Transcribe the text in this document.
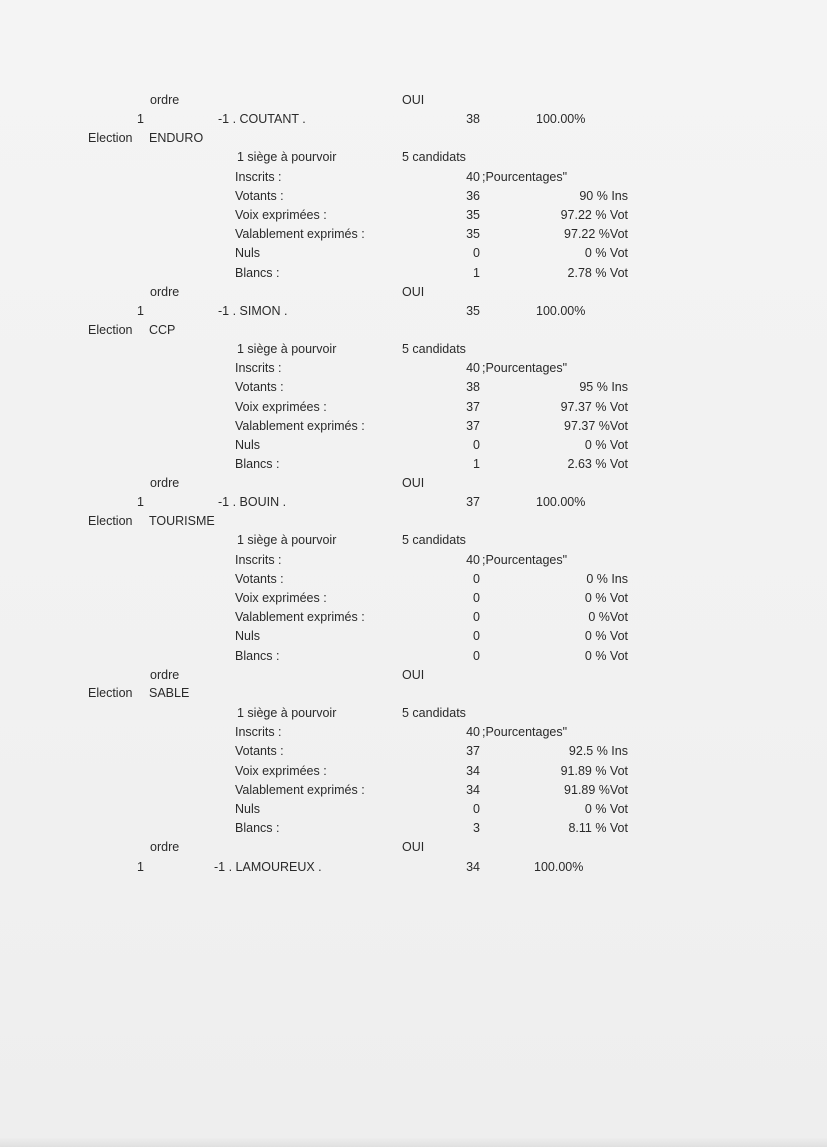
ordre	OUI
1	-1 . COUTANT .	38	100.00%
Election ENDURO
1 siège à pourvoir	5 candidats
Inscrits :	40 ;Pourcentages"
Votants :	36	90 % Ins
Voix exprimées :	35	97.22 % Vot
Valablement exprimés :	35	97.22 %Vot
Nuls	0	0 % Vot
Blancs :	1	2.78 % Vot
ordre	OUI
1	-1 . SIMON .	35	100.00%
Election CCP
1 siège à pourvoir	5 candidats
Inscrits :	40 ;Pourcentages"
Votants :	38	95 % Ins
Voix exprimées :	37	97.37 % Vot
Valablement exprimés :	37	97.37 %Vot
Nuls	0	0 % Vot
Blancs :	1	2.63 % Vot
ordre	OUI
1	-1 . BOUIN .	37	100.00%
Election TOURISME
1 siège à pourvoir	5 candidats
Inscrits :	40 ;Pourcentages"
Votants :	0	0 % Ins
Voix exprimées :	0	0 % Vot
Valablement exprimés :	0	0 %Vot
Nuls	0	0 % Vot
Blancs :	0	0 % Vot
ordre	OUI
Election SABLE
1 siège à pourvoir	5 candidats
Inscrits :	40 ;Pourcentages"
Votants :	37	92.5 % Ins
Voix exprimées :	34	91.89 % Vot
Valablement exprimés :	34	91.89 %Vot
Nuls	0	0 % Vot
Blancs :	3	8.11 % Vot
ordre	OUI
1	-1 . LAMOUREUX .	34	100.00%
